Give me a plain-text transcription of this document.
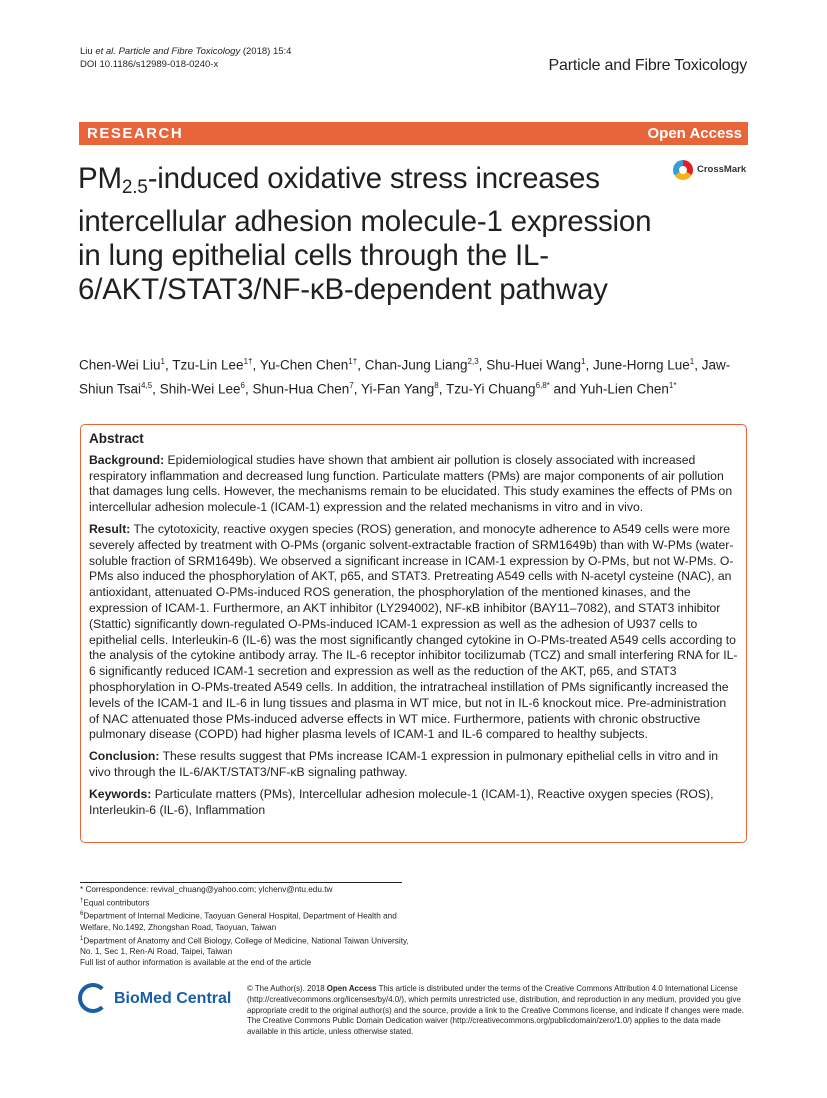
Liu et al. Particle and Fibre Toxicology (2018) 15:4
DOI 10.1186/s12989-018-0240-x	Particle and Fibre Toxicology
RESEARCH	Open Access
CrossMark
$PM_{2.5}$-induced oxidative stress increases intercellular adhesion molecule-1 expression in lung epithelial cells through the IL-6/AKT/STAT3/NF-κB-dependent pathway
Chen-Wei Liu$^1$, Tzu-Lin Lee$^{1\dagger}$, Yu-Chen Chen$^{1\dagger}$, Chan-Jung Liang$^{2,3}$, Shu-Huei Wang$^1$, June-Horng Lue$^1$, Jaw-Shiun Tsai$^{4,5}$, Shih-Wei Lee$^6$, Shun-Hua Chen$^7$, Yi-Fan Yang$^8$, Tzu-Yi Chuang$^{6,8*}$ and Yuh-Lien Chen$^{1*}$
Abstract

Background: Epidemiological studies have shown that ambient air pollution is closely associated with increased respiratory inflammation and decreased lung function. Particulate matters (PMs) are major components of air pollution that damages lung cells. However, the mechanisms remain to be elucidated. This study examines the effects of PMs on intercellular adhesion molecule-1 (ICAM-1) expression and the related mechanisms in vitro and in vivo.

Result: The cytotoxicity, reactive oxygen species (ROS) generation, and monocyte adherence to A549 cells were more severely affected by treatment with O-PMs (organic solvent-extractable fraction of SRM1649b) than with W-PMs (water-soluble fraction of SRM1649b). We observed a significant increase in ICAM-1 expression by O-PMs, but not W-PMs. O-PMs also induced the phosphorylation of AKT, p65, and STAT3. Pretreating A549 cells with N-acetyl cysteine (NAC), an antioxidant, attenuated O-PMs-induced ROS generation, the phosphorylation of the mentioned kinases, and the expression of ICAM-1. Furthermore, an AKT inhibitor (LY294002), NF-κB inhibitor (BAY11–7082), and STAT3 inhibitor (Stattic) significantly down-regulated O-PMs-induced ICAM-1 expression as well as the adhesion of U937 cells to epithelial cells. Interleukin-6 (IL-6) was the most significantly changed cytokine in O-PMs-treated A549 cells according to the analysis of the cytokine antibody array. The IL-6 receptor inhibitor tocilizumab (TCZ) and small interfering RNA for IL-6 significantly reduced ICAM-1 secretion and expression as well as the reduction of the AKT, p65, and STAT3 phosphorylation in O-PMs-treated A549 cells. In addition, the intratracheal instillation of PMs significantly increased the levels of the ICAM-1 and IL-6 in lung tissues and plasma in WT mice, but not in IL-6 knockout mice. Pre-administration of NAC attenuated those PMs-induced adverse effects in WT mice. Furthermore, patients with chronic obstructive pulmonary disease (COPD) had higher plasma levels of ICAM-1 and IL-6 compared to healthy subjects.

Conclusion: These results suggest that PMs increase ICAM-1 expression in pulmonary epithelial cells in vitro and in vivo through the IL-6/AKT/STAT3/NF-κB signaling pathway.

Keywords: Particulate matters (PMs), Intercellular adhesion molecule-1 (ICAM-1), Reactive oxygen species (ROS), Interleukin-6 (IL-6), Inflammation

* Correspondence: revival_chuang@yahoo.com; ylchenv@ntu.edu.tw
†Equal contributors
$^6$Department of Internal Medicine, Taoyuan General Hospital, Department of Health and Welfare, No.1492, Zhongshan Road, Taoyuan, Taiwan
$^1$Department of Anatomy and Cell Biology, College of Medicine, National Taiwan University, No. 1, Sec 1, Ren-Ai Road, Taipei, Taiwan
Full list of author information is available at the end of the article
BioMed Central
© The Author(s). 2018 Open Access This article is distributed under the terms of the Creative Commons Attribution 4.0 International License (http://creativecommons.org/licenses/by/4.0/), which permits unrestricted use, distribution, and reproduction in any medium, provided you give appropriate credit to the original author(s) and the source, provide a link to the Creative Commons license, and indicate if changes were made. The Creative Commons Public Domain Dedication waiver (http://creativecommons.org/publicdomain/zero/1.0/) applies to the data made available in this article, unless otherwise stated.
